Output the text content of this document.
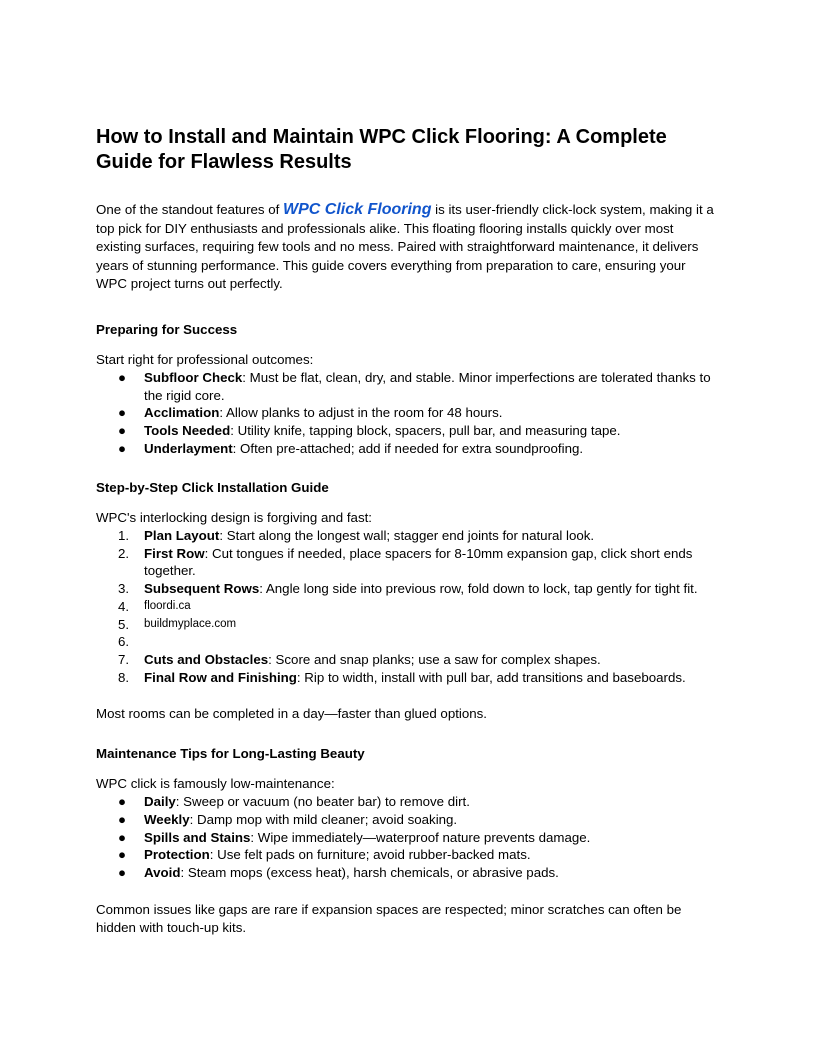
How to Install and Maintain WPC Click Flooring: A Complete Guide for Flawless Results

One of the standout features of WPC Click Flooring is its user-friendly click-lock system, making it a top pick for DIY enthusiasts and professionals alike. This floating flooring installs quickly over most existing surfaces, requiring few tools and no mess. Paired with straightforward maintenance, it delivers years of stunning performance. This guide covers everything from preparation to care, ensuring your WPC project turns out perfectly.

Preparing for Success

Start right for professional outcomes:

●	Subfloor Check: Must be flat, clean, dry, and stable. Minor imperfections are tolerated thanks to the rigid core.
●	Acclimation: Allow planks to adjust in the room for 48 hours.
●	Tools Needed: Utility knife, tapping block, spacers, pull bar, and measuring tape.
●	Underlayment: Often pre-attached; add if needed for extra soundproofing.
Step-by-Step Click Installation Guide

WPC's interlocking design is forgiving and fast:

1.	Plan Layout: Start along the longest wall; stagger end joints for natural look.
2.	First Row: Cut tongues if needed, place spacers for 8-10mm expansion gap, click short ends together.
3.	Subsequent Rows: Angle long side into previous row, fold down to lock, tap gently for tight fit.
4.	floordi.ca
5.	buildmyplace.com
6.

7.	Cuts and Obstacles: Score and snap planks; use a saw for complex shapes.
8.	Final Row and Finishing: Rip to width, install with pull bar, add transitions and baseboards.

Most rooms can be completed in a day—faster than glued options.

Maintenance Tips for Long-Lasting Beauty

WPC click is famously low-maintenance:

●	Daily: Sweep or vacuum (no beater bar) to remove dirt.
●	Weekly: Damp mop with mild cleaner; avoid soaking.
●	Spills and Stains: Wipe immediately—waterproof nature prevents damage.
●	Protection: Use felt pads on furniture; avoid rubber-backed mats.
●	Avoid: Steam mops (excess heat), harsh chemicals, or abrasive pads.

Common issues like gaps are rare if expansion spaces are respected; minor scratches can often be hidden with touch-up kits.
